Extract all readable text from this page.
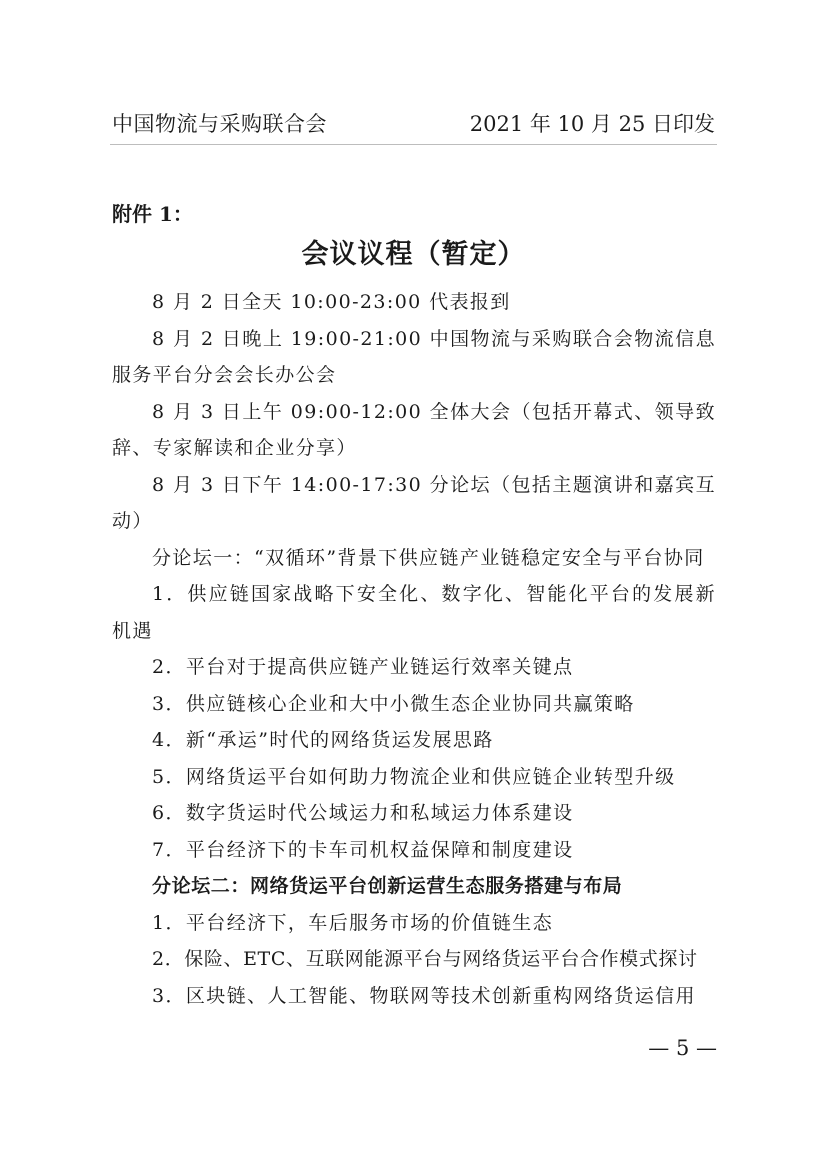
中国物流与采购联合会	2021 年 10 月 25 日印发
附件 1：
会议议程（暂定）

8 月 2 日全天 10:00-23:00 代表报到

8 月 2 日晚上 19:00-21:00 中国物流与采购联合会物流信息服务平台分会会长办公会

8 月 3 日上午 09:00-12:00 全体大会（包括开幕式、领导致辞、专家解读和企业分享）

8 月 3 日下午 14:00-17:30 分论坛（包括主题演讲和嘉宾互动）

分论坛一：“双循环”背景下供应链产业链稳定安全与平台协同

1．供应链国家战略下安全化、数字化、智能化平台的发展新机遇

2．平台对于提高供应链产业链运行效率关键点

3．供应链核心企业和大中小微生态企业协同共赢策略

4．新“承运”时代的网络货运发展思路

5．网络货运平台如何助力物流企业和供应链企业转型升级

6．数字货运时代公域运力和私域运力体系建设

7．平台经济下的卡车司机权益保障和制度建设

分论坛二：网络货运平台创新运营生态服务搭建与布局

1．平台经济下，车后服务市场的价值链生态

2．保险、ETC、互联网能源平台与网络货运平台合作模式探讨

3．区块链、人工智能、物联网等技术创新重构网络货运信用

— 5 —
